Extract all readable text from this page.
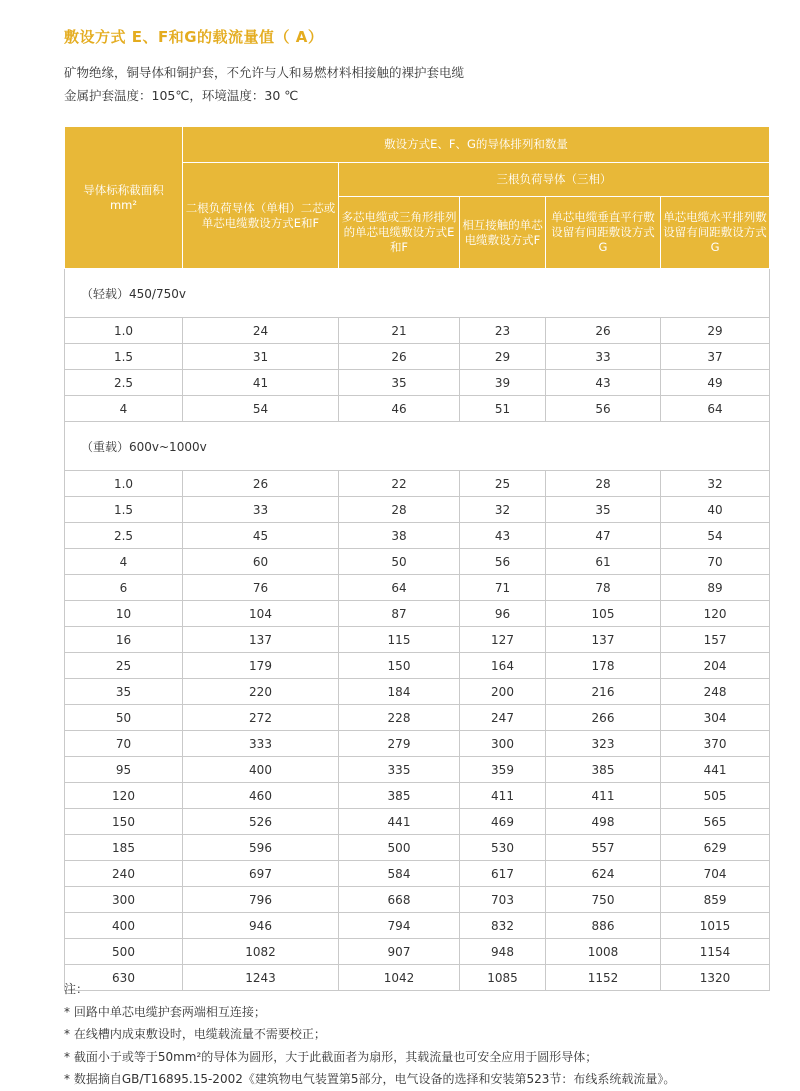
敷设方式 E、F和G的载流量值（ A）
矿物绝缘，铜导体和铜护套，不允许与人和易燃材料相接触的裸护套电缆
金属护套温度：105℃，环境温度：30 ℃
导体标称截面积
mm²	敷设方式E、F、G的导体排列和数量				
	二根负荷导体（单相）二芯或单芯电缆敷设方式E和F	三根负荷导体（三相）			
		多芯电缆或三角形排列的单芯电缆敷设方式E和F	相互接触的单芯电缆敷设方式F	单芯电缆垂直平行敷设留有间距敷设方式G	单芯电缆水平排列敷设留有间距敷设方式G
（轻载）450/750v					
1.0	24	21	23	26	29
1.5	31	26	29	33	37
2.5	41	35	39	43	49
4	54	46	51	56	64
（重载）600v~1000v					
1.0	26	22	25	28	32
1.5	33	28	32	35	40
2.5	45	38	43	47	54
4	60	50	56	61	70
6	76	64	71	78	89
10	104	87	96	105	120
16	137	115	127	137	157
25	179	150	164	178	204
35	220	184	200	216	248
50	272	228	247	266	304
70	333	279	300	323	370
95	400	335	359	385	441
120	460	385	411	411	505
150	526	441	469	498	565
185	596	500	530	557	629
240	697	584	617	624	704
300	796	668	703	750	859
400	946	794	832	886	1015
500	1082	907	948	1008	1154
630	1243	1042	1085	1152	1320
注：
* 回路中单芯电缆护套两端相互连接；
* 在线槽内成束敷设时，电缆载流量不需要校正；
* 截面小于或等于50mm²的导体为圆形，大于此截面者为扇形，其载流量也可安全应用于圆形导体；
* 数据摘自GB/T16895.15-2002《建筑物电气装置第5部分，电气设备的选择和安装第523节：布线系统载流量》。
